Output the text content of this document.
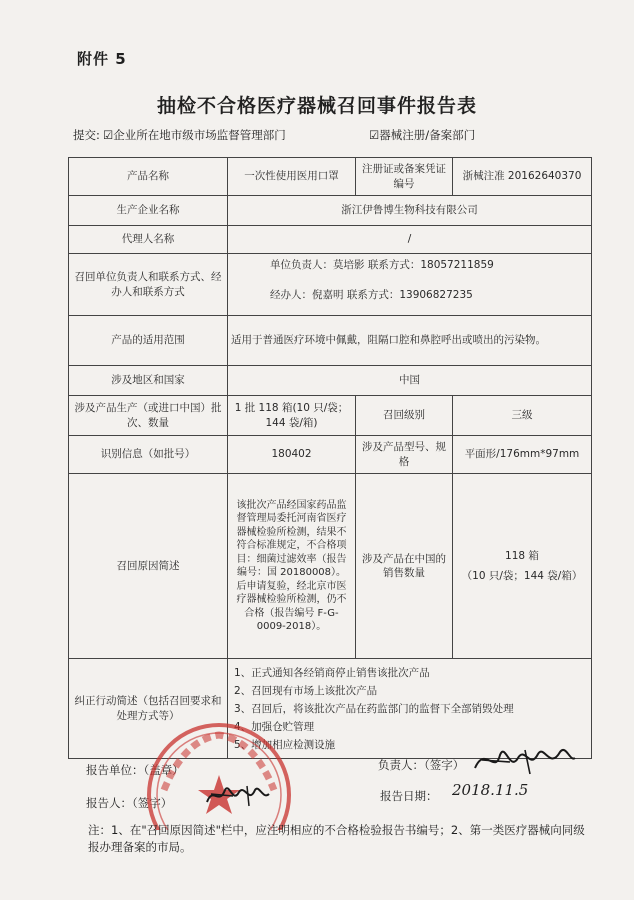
附件 5
抽检不合格医疗器械召回事件报告表
提交: ☑企业所在地市级市场监督管理部门	☑器械注册/备案部门
产品名称	一次性使用医用口罩	注册证或备案凭证编号	浙械注准 20162640370
生产企业名称	浙江伊鲁博生物科技有限公司		
代理人名称	/		
召回单位负责人和联系方式、经办人和联系方式	单位负责人：莫培影 联系方式：18057211859
经办人：倪嘉明 联系方式：13906827235		

产品的适用范围	适用于普通医疗环境中佩戴，阻隔口腔和鼻腔呼出或喷出的污染物。		
涉及地区和国家	中国		
涉及产品生产（或进口中国）批次、数量	1 批 118 箱(10 只/袋；144 袋/箱)	召回级别	三级
识别信息（如批号）	180402	涉及产品型号、规格	平面形/176mm*97mm
召回原因简述	该批次产品经国家药品监督管理局委托河南省医疗器械检验所检测，结果不符合标准规定，不合格项目：细菌过滤效率（报告编号：国 20180008）。后申请复验，经北京市医疗器械检验所检测，仍不合格（报告编号 F-G-0009-2018）。	涉及产品在中国的销售数量	118 箱
（10 只/袋；144 袋/箱）

纠正行动简述（包括召回要求和处理方式等）	1、正式通知各经销商停止销售该批次产品
2、召回现有市场上该批次产品
3、召回后，将该批次产品在药监部门的监督下全部销毁处理
4、加强仓贮管理
5、增加相应检测设施		
报告单位：（盖章）
报告人：（签字）
负责人：（签字）
报告日期： 2018.11.5
注：1、在"召回原因简述"栏中，应注明相应的不合格检验报告书编号；2、第一类医疗器械向同级报办理备案的市局。
